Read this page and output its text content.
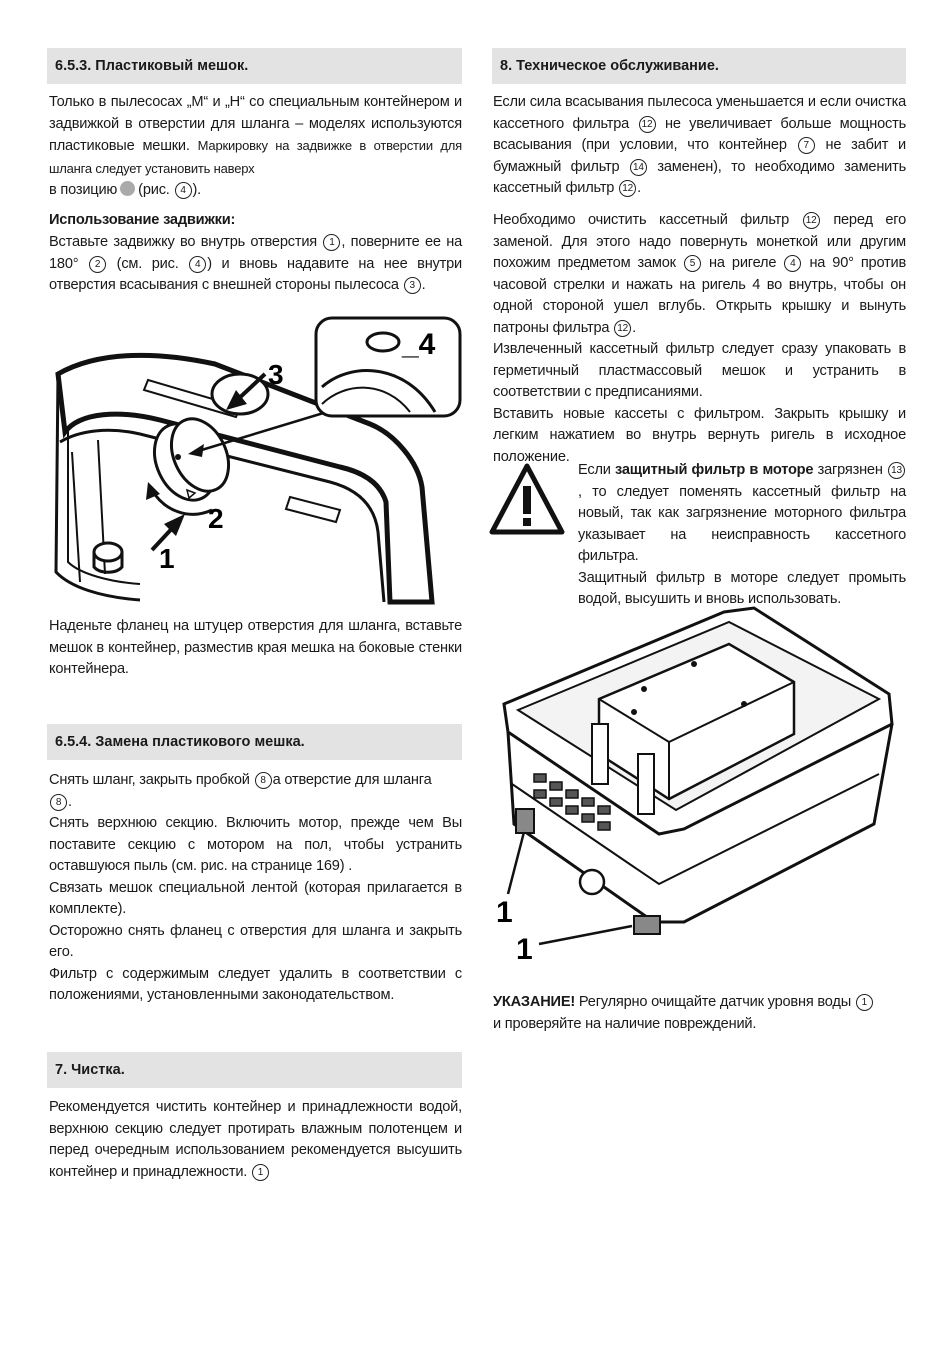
6.5.3. Пластиковый мешок.
Только в пылесосах „M“ и „H“ со специальным контейнером и задвижкой в отверстии для шланга – моделях используются пластиковые мешки. Маркировку на задвижке в отверстии для шланга следует установить наверх
в позицию (рис. 4 ).
Использование задвижки:
Вставьте задвижку во внутрь отверстия 1 , поверните ее на 180° 2 (см. рис. 4 ) и вновь надавите на нее внутри отверстия всасывания с внешней стороны пылесоса 3 .
_4
3
2
1
Наденьте фланец на штуцер отверстия для шланга, вставьте мешок в контейнер, разместив края мешка на боковые стенки контейнера.
6.5.4. Замена пластикового мешка.
Снять шланг, закрыть пробкой 8 а отверстие для шланга
8 .
Снять верхнюю секцию. Включить мотор, прежде чем Вы поставите секцию с мотором на пол, чтобы устранить оставшуюся пыль (см. рис. на странице 169) .
Связать мешок специальной лентой (которая прилагается в комплекте).
Осторожно снять фланец с отверстия для шланга и закрыть его.
Фильтр с содержимым следует удалить в соответствии с положениями, установленными законодательством.
7. Чистка.
Рекомендуется чистить контейнер и принадлежности водой, верхнюю секцию следует протирать влажным полотенцем и перед очередным использованием рекомендуется высушить контейнер и принадлежности. 1
8. Техническое обслуживание.
Если сила всасывания пылесоса уменьшается и если очистка кассетного фильтра 12 не увеличивает больше мощность всасывания (при условии, что контейнер 7 не забит и бумажный фильтр 14 заменен), то необходимо заменить кассетный фильтр 12 .
Необходимо очистить кассетный фильтр 12 перед его заменой. Для этого надо повернуть монеткой или другим похожим предметом замок 5 на ригеле 4 на 90° против часовой стрелки и нажать на ригель 4 во внутрь, чтобы он одной стороной ушел вглубь. Открыть крышку и вынуть патроны фильтра 12 .
Извлеченный кассетный фильтр следует сразу упаковать в герметичный пластмассовый мешок и устранить в соответствии с предписаниями.
Вставить новые кассеты с фильтром. Закрыть крышку и легким нажатием во внутрь вернуть ригель в исходное положение.
Если защитный фильтр в моторе загрязнен 13, то следует поменять кассетный фильтр на новый, так как загрязнение моторного фильтра указывает на неисправность кассетного фильтра.
Защитный фильтр в моторе следует промыть водой, высушить и вновь использовать.
1
1
УКАЗАНИЕ! Регулярно очищайте датчик уровня воды 1
и проверяйте на наличие повреждений.
